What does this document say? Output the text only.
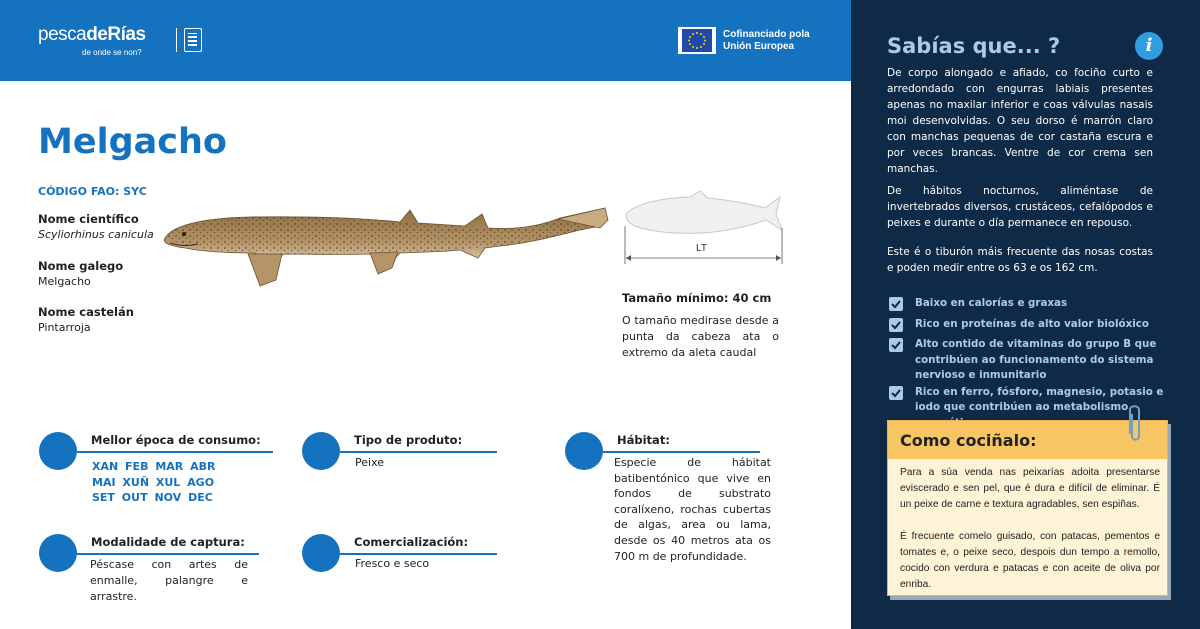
pescadeRías
de onde se non?
Cofinanciado pola
Unión Europea
Melgacho
CÓDIGO FAO: SYC
Nome científico
Scyliorhinus canicula
Nome galego
Melgacho
Nome castelán
Pintarroja
LT
Tamaño mínimo: 40 cm
O tamaño medirase desde a punta da cabeza ata o extremo da aleta caudal
Mellor época de consumo:
XAN FEB MAR ABR MAI XUÑ XUL AGO SET OUT NOV DEC
Tipo de produto:
Peixe
Hábitat:
Especie de hábitat batibentónico que vive en fondos de substrato coralíxeno, rochas cubertas de algas, area ou lama, desde os 40 metros ata os 700 m de profundidade.
Modalidade de captura:
Péscase con artes de enmalle, palangre e arrastre.
Comercialización:
Fresco e seco
Sabías que... ?	i

De corpo alongado e afiado, co fociño curto e arredondado con engurras labiais presentes apenas no maxilar inferior e coas válvulas nasais moi desenvolvidas. O seu dorso é marrón claro con manchas pequenas de cor castaña escura e por veces brancas. Ventre de cor crema sen manchas.

De hábitos nocturnos, aliméntase de invertebrados diversos, crustáceos, cefalópodos e peixes e durante o día permanece en repouso.

Este é o tiburón máis frecuente das nosas costas e poden medir entre os 63 e os 162 cm.

Baixo en calorías e graxas
Rico en proteínas de alto valor biolóxico
Alto contido de vitaminas do grupo B que contribúen ao funcionamento do sistema nervioso e inmunitario
Rico en ferro, fósforo, magnesio, potasio e iodo que contribúen ao metabolismo
Como cociñalo:

Para a súa venda nas peixarías adoita presentarse eviscerado e sen pel, que é dura e difícil de eliminar. É un peixe de carne e textura agradables, sen espiñas.

É frecuente comelo guisado, con patacas, pementos e tomates e, o peixe seco, despois dun tempo a remollo, cocido con verdura e patacas e con aceite de oliva por enriba.
